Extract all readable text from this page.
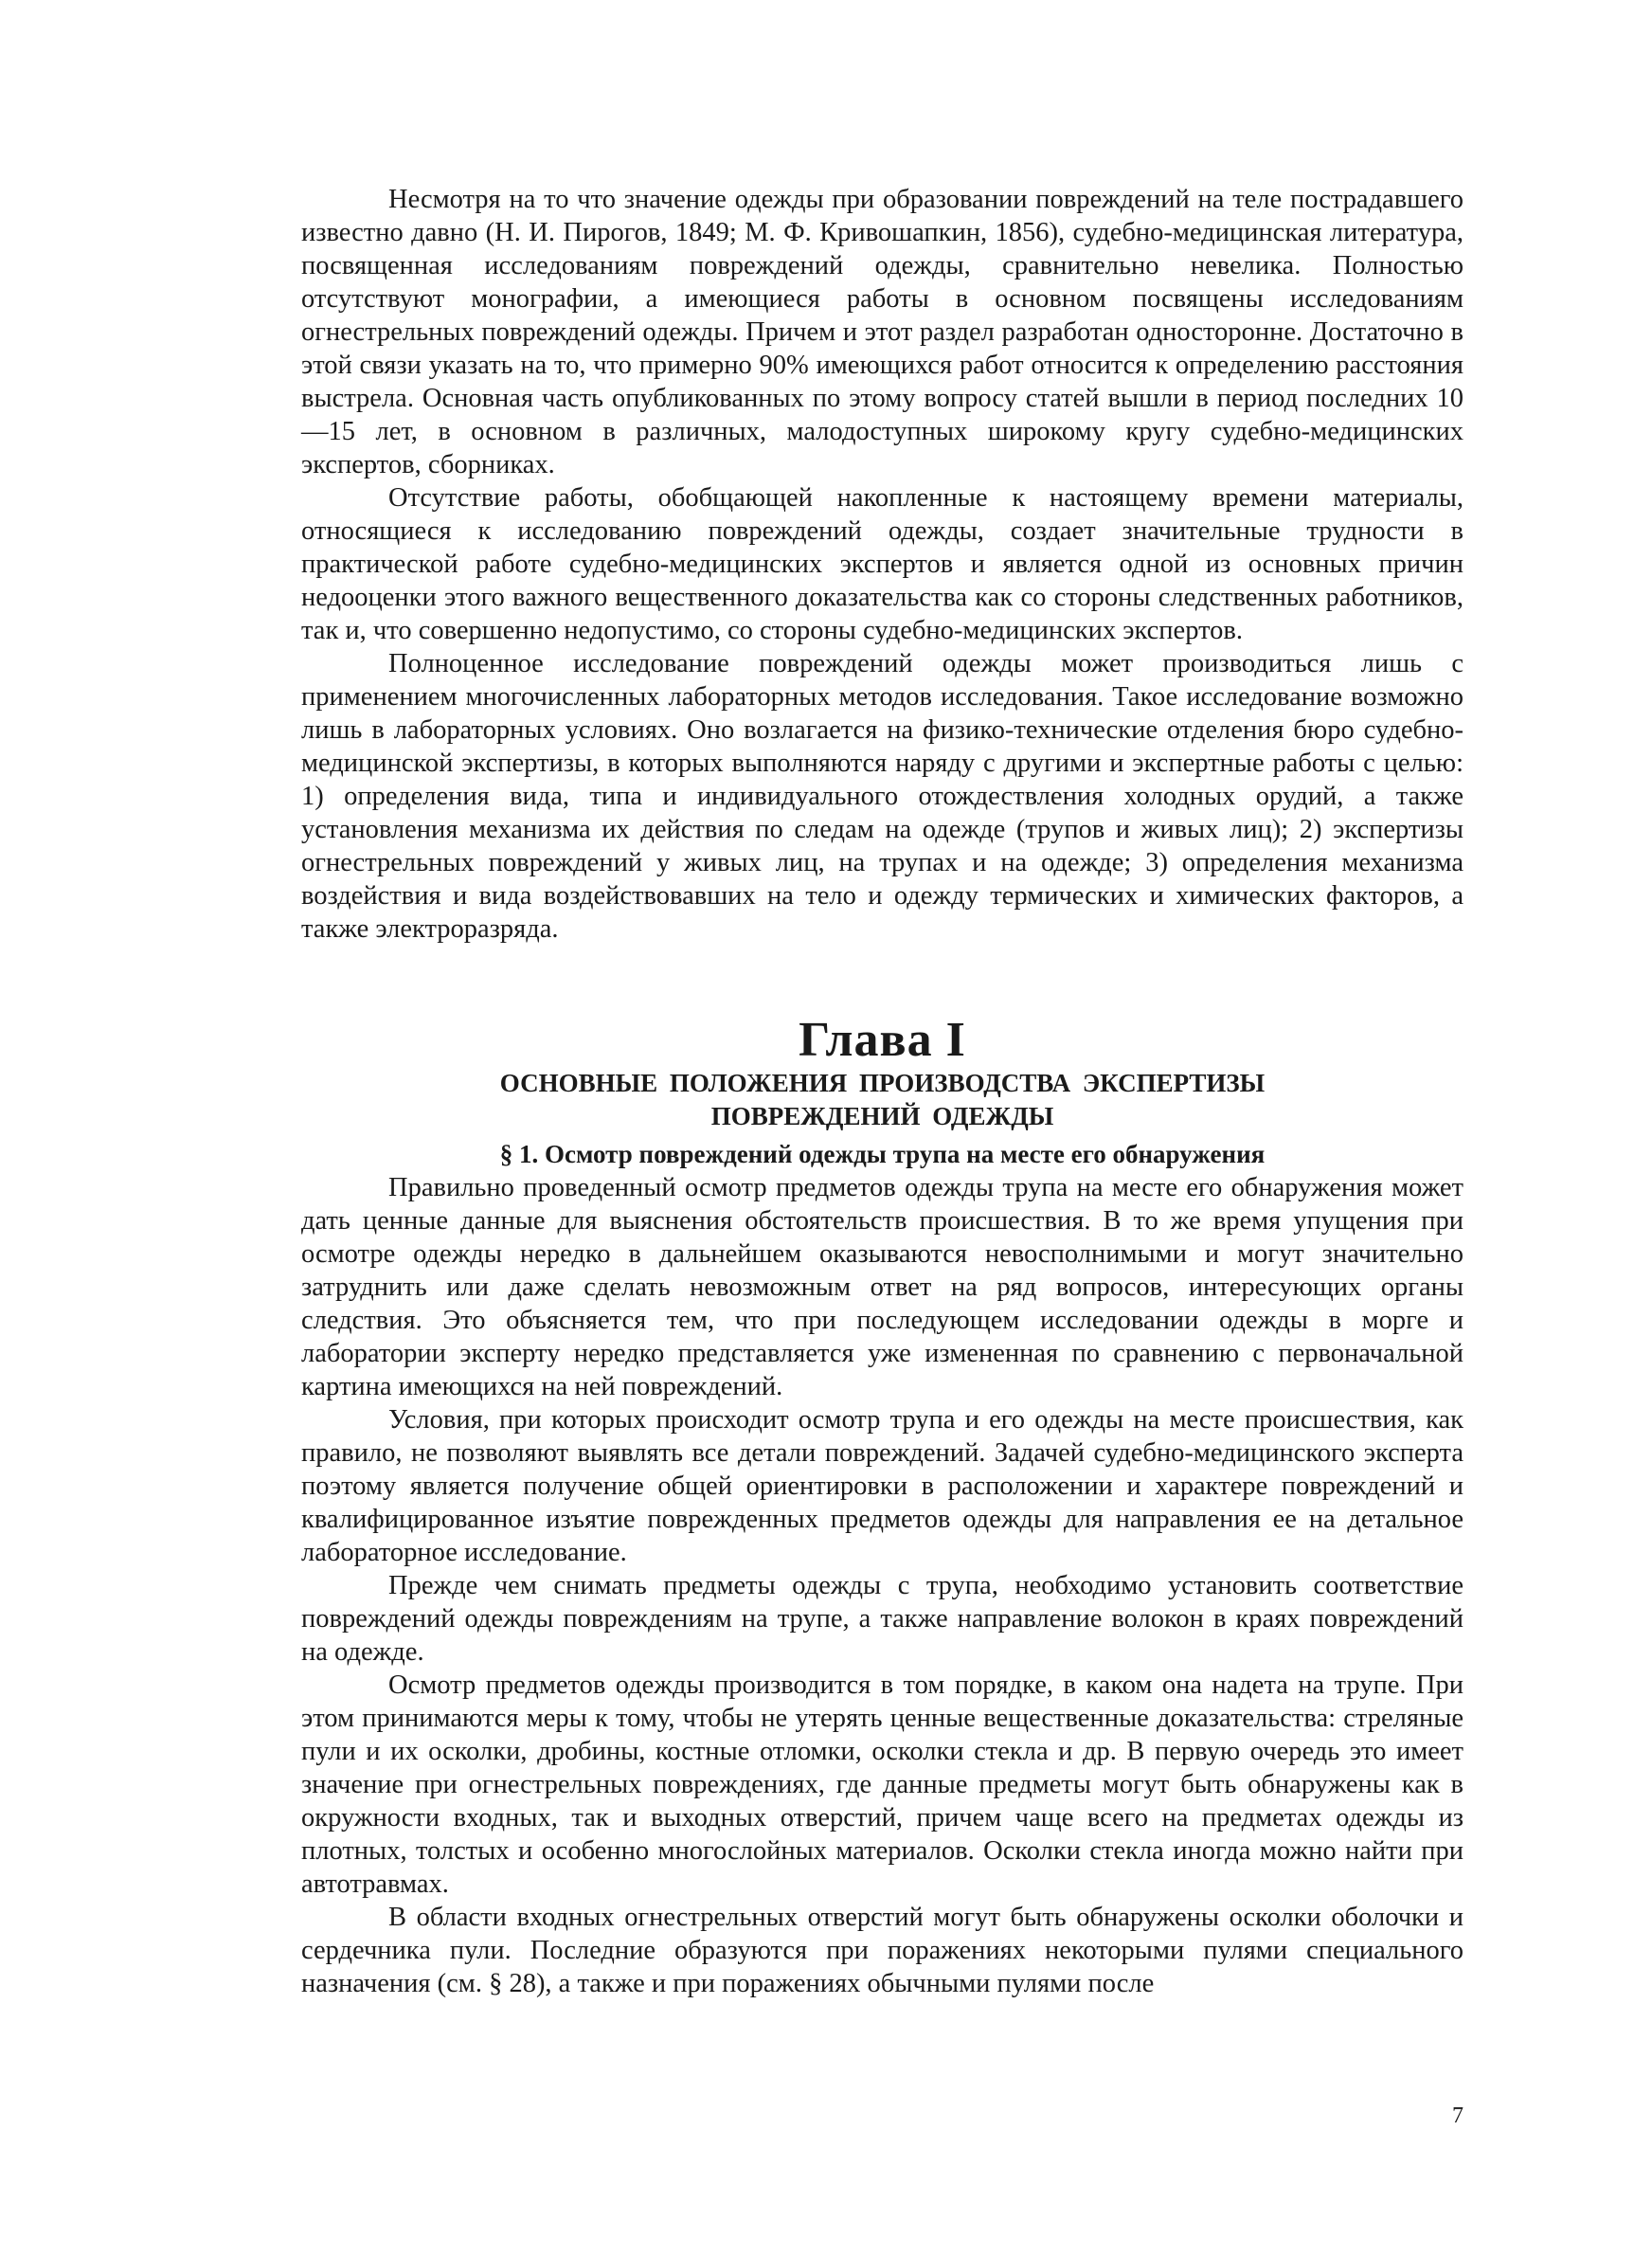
Несмотря на то что значение одежды при образовании повреждений на теле пострадавшего известно давно (Н. И. Пирогов, 1849; М. Ф. Кривошапкин, 1856), судебно-медицинская литература, посвященная исследованиям повреждений одежды, сравнительно невелика. Полностью отсутствуют монографии, а имеющиеся работы в основном посвящены исследованиям огнестрельных повреждений одежды. Причем и этот раздел разработан односторонне. Достаточно в этой связи указать на то, что примерно 90% имеющихся работ относится к определению расстояния выстрела. Основная часть опубликованных по этому вопросу статей вышли в период последних 10—15 лет, в основном в различных, малодоступных широкому кругу судебно-медицинских экспертов, сборниках.

Отсутствие работы, обобщающей накопленные к настоящему времени материалы, относящиеся к исследованию повреждений одежды, создает значительные трудности в практической работе судебно-медицинских экспертов и является одной из основных причин недооценки этого важного вещественного доказательства как со стороны следственных работников, так и, что совершенно недопустимо, со стороны судебно-медицинских экспертов.

Полноценное исследование повреждений одежды может производиться лишь с применением многочисленных лабораторных методов исследования. Такое исследование возможно лишь в лабораторных условиях. Оно возлагается на физико-технические отделения бюро судебно-медицинской экспертизы, в которых выполняются наряду с другими и экспертные работы с целью: 1) определения вида, типа и индивидуального отождествления холодных орудий, а также установления механизма их действия по следам на одежде (трупов и живых лиц); 2) экспертизы огнестрельных повреждений у живых лиц, на трупах и на одежде; 3) определения механизма воздействия и вида воздействовавших на тело и одежду термических и химических факторов, а также электроразряда.

Глава I
ОСНОВНЫЕ ПОЛОЖЕНИЯ ПРОИЗВОДСТВА ЭКСПЕРТИЗЫ
ПОВРЕЖДЕНИЙ ОДЕЖДЫ
§ 1. Осмотр повреждений одежды трупа на месте его обнаружения

Правильно проведенный осмотр предметов одежды трупа на месте его обнаружения может дать ценные данные для выяснения обстоятельств происшествия. В то же время упущения при осмотре одежды нередко в дальнейшем оказываются невосполнимыми и могут значительно затруднить или даже сделать невозможным ответ на ряд вопросов, интересующих органы следствия. Это объясняется тем, что при последующем исследовании одежды в морге и лаборатории эксперту нередко представляется уже измененная по сравнению с первоначальной картина имеющихся на ней повреждений.

Условия, при которых происходит осмотр трупа и его одежды на месте происшествия, как правило, не позволяют выявлять все детали повреждений. Задачей судебно-медицинского эксперта поэтому является получение общей ориентировки в расположении и характере повреждений и квалифицированное изъятие поврежденных предметов одежды для направления ее на детальное лабораторное исследование.

Прежде чем снимать предметы одежды с трупа, необходимо установить соответствие повреждений одежды повреждениям на трупе, а также направление волокон в краях повреждений на одежде.

Осмотр предметов одежды производится в том порядке, в каком она надета на трупе. При этом принимаются меры к тому, чтобы не утерять ценные вещественные доказательства: стреляные пули и их осколки, дробины, костные отломки, осколки стекла и др. В первую очередь это имеет значение при огнестрельных повреждениях, где данные предметы могут быть обнаружены как в окружности входных, так и выходных отверстий, причем чаще всего на предметах одежды из плотных, толстых и особенно многослойных материалов. Осколки стекла иногда можно найти при автотравмах.

В области входных огнестрельных отверстий могут быть обнаружены осколки оболочки и сердечника пули. Последние образуются при поражениях некоторыми пулями специального назначения (см. § 28), а также и при поражениях обычными пулями после

7
